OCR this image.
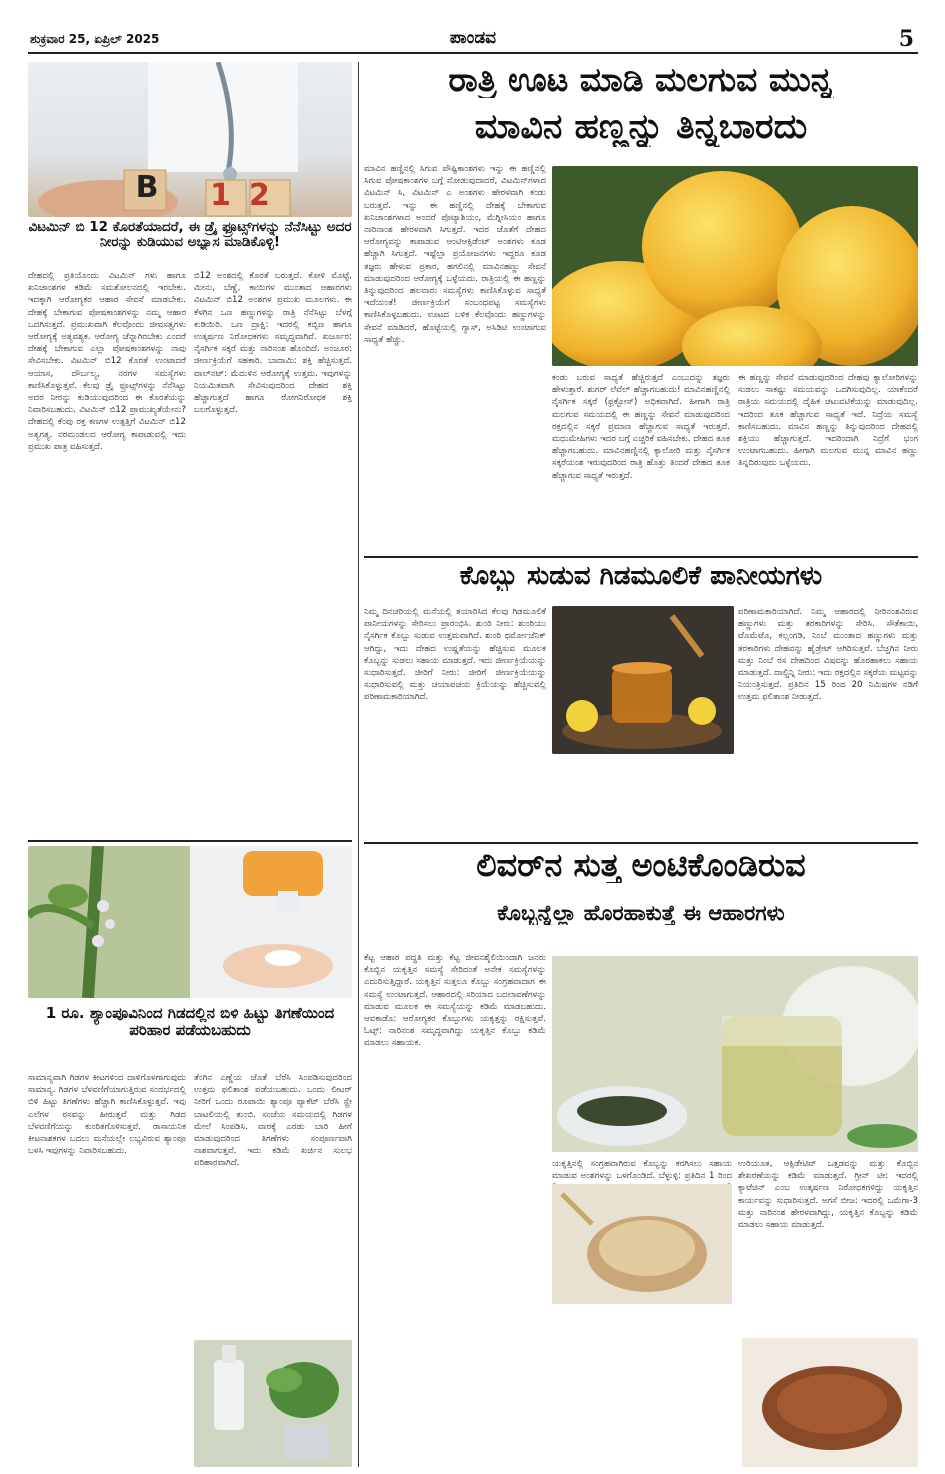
ಶುಕ್ರವಾರ 25, ಏಪ್ರಿಲ್ 2025	ಪಾಂಡವ	5
B 12
ವಿಟಮಿನ್ ಬಿ 12 ಕೊರತೆಯಾದರೆ, ಈ ಡ್ರೈ ಫ್ರೂಟ್ಸ್‌ಗಳನ್ನು ನೆನೆಸಿಟ್ಟು ಅದರ ನೀರನ್ನು ಕುಡಿಯುವ ಅಭ್ಯಾಸ ಮಾಡಿಕೊಳ್ಳಿ!
ದೇಹದಲ್ಲಿ ಪ್ರತಿಯೊಂದು ವಿಟಮಿನ್ ಗಳು ಹಾಗೂ ಖನಿಜಾಂಶಗಳ ಕಡಿಮೆ ಸಮತೋಲನದಲ್ಲಿ ಇರಬೇಕು. ಇದಕ್ಕಾಗಿ ಆರೋಗ್ಯಕರ ಆಹಾರ ಸೇವನೆ ಮಾಡಬೇಕು. ದೇಹಕ್ಕೆ ಬೇಕಾಗುವ ಪೋಷಕಾಂಶಗಳನ್ನು ನಮ್ಮ ಆಹಾರ ಒದಗಿಸುತ್ತದೆ. ಪ್ರಮುಖವಾಗಿ ಕೆಲವೊಂದು ಜೀವಸತ್ವಗಳು ಆರೋಗ್ಯಕ್ಕೆ ಅತ್ಯವಶ್ಯಕ. ಆರೋಗ್ಯ ಚೆನ್ನಾಗಿರಬೇಕು ಎಂದರೆ ದೇಹಕ್ಕೆ ಬೇಕಾಗುವ ಎಲ್ಲಾ ಪೋಷಕಾಂಶಗಳನ್ನು ನಾವು ಸೇವಿಸಬೇಕು. ವಿಟಮಿನ್ ಬಿ12 ಕೊರತೆ ಉಂಟಾದರೆ ಆಯಾಸ, ದೌರ್ಬಲ್ಯ, ನರಗಳ ಸಮಸ್ಯೆಗಳು ಕಾಣಿಸಿಕೊಳ್ಳುತ್ತವೆ. ಕೆಲವು ಡ್ರೈ ಫ್ರೂಟ್ಸ್‌ಗಳನ್ನು ನೆನೆಸಿಟ್ಟು ಅದರ ನೀರನ್ನು ಕುಡಿಯುವುದರಿಂದ ಈ ಕೊರತೆಯನ್ನು ನಿವಾರಿಸಬಹುದು. ವಿಟಮಿನ್ ಬಿ12 ಪ್ರಾಮುಖ್ಯತೆಯೇನು? ದೇಹದಲ್ಲಿ ಕೆಂಪು ರಕ್ತ ಕಣಗಳ ಉತ್ಪತ್ತಿಗೆ ವಿಟಮಿನ್ ಬಿ12 ಅತ್ಯಗತ್ಯ. ನರಮಂಡಲದ ಆರೋಗ್ಯ ಕಾಪಾಡುವಲ್ಲಿ ಇದು ಪ್ರಮುಖ ಪಾತ್ರ ವಹಿಸುತ್ತದೆ.
ಬಿ12 ಅಂಶದಲ್ಲಿ ಕೊರತೆ ಬರುತ್ತದೆ. ಕೋಳಿ ಮೊಟ್ಟೆ, ಮೀನು, ಬೆಣ್ಣೆ, ಕಾಯಿಗಳ ಮುಂತಾದ ಆಹಾರಗಳು ವಿಟಮಿನ್ ಬಿ12 ಅಂಶಗಳ ಪ್ರಮುಖ ಮೂಲಗಳು. ಈ ಕೆಳಗಿನ ಒಣ ಹಣ್ಣುಗಳನ್ನು ರಾತ್ರಿ ನೆನೆಸಿಟ್ಟು ಬೆಳಗ್ಗೆ ಕುಡಿಯಿರಿ. ಒಣ ದ್ರಾಕ್ಷಿ: ಇದರಲ್ಲಿ ಕಬ್ಬಿಣ ಹಾಗೂ ಉತ್ಕರ್ಷಣ ನಿರೋಧಕಗಳು ಸಮೃದ್ಧವಾಗಿವೆ. ಖರ್ಜೂರ: ನೈಸರ್ಗಿಕ ಸಕ್ಕರೆ ಮತ್ತು ನಾರಿನಂಶ ಹೊಂದಿದೆ. ಅಂಜೂರ: ಜೀರ್ಣಕ್ರಿಯೆಗೆ ಸಹಕಾರಿ. ಬಾದಾಮಿ: ಶಕ್ತಿ ಹೆಚ್ಚಿಸುತ್ತದೆ. ವಾಲ್‌ನಟ್: ಮೆದುಳಿನ ಆರೋಗ್ಯಕ್ಕೆ ಉತ್ತಮ. ಇವುಗಳನ್ನು ನಿಯಮಿತವಾಗಿ ಸೇವಿಸುವುದರಿಂದ ದೇಹದ ಶಕ್ತಿ ಹೆಚ್ಚಾಗುತ್ತದೆ ಹಾಗೂ ರೋಗನಿರೋಧಕ ಶಕ್ತಿ ಬಲಗೊಳ್ಳುತ್ತದೆ.
1 ರೂ. ಶ್ಯಾಂಪೂವಿನಿಂದ ಗಿಡದಲ್ಲಿನ ಬಿಳಿ ಹಿಟ್ಟು ತಿಗಣೆಯಿಂದ ಪರಿಹಾರ ಪಡೆಯಬಹುದು
ಸಾಮಾನ್ಯವಾಗಿ ಗಿಡಗಳ ಕೀಟಗಳಿಂದ ದಾಳಿಗೊಳಗಾಗುವುದು ಸಾಮಾನ್ಯ. ಗಿಡಗಳ ಬೆಳವಣಿಗೆಯಾಗುತ್ತಿರುವ ಸಂದರ್ಭದಲ್ಲಿ ಬಿಳಿ ಹಿಟ್ಟು ತಿಗಣೆಗಳು ಹೆಚ್ಚಾಗಿ ಕಾಣಿಸಿಕೊಳ್ಳುತ್ತವೆ. ಇವು ಎಲೆಗಳ ರಸವನ್ನು ಹೀರುತ್ತವೆ ಮತ್ತು ಗಿಡದ ಬೆಳವಣಿಗೆಯನ್ನು ಕುಂಠಿತಗೊಳಿಸುತ್ತವೆ. ರಾಸಾಯನಿಕ ಕೀಟನಾಶಕಗಳ ಬದಲು ಮನೆಯಲ್ಲೇ ಲಭ್ಯವಿರುವ ಶ್ಯಾಂಪೂ ಬಳಸಿ ಇವುಗಳನ್ನು ನಿವಾರಿಸಬಹುದು.
ತೆಂಗಿನ ಎಣ್ಣೆಯ ಜೊತೆ ಬೆರೆಸಿ ಸಿಂಪಡಿಸುವುದರಿಂದ ಉತ್ತಮ ಫಲಿತಾಂಶ ಪಡೆಯಬಹುದು. ಒಂದು ಲೀಟರ್ ನೀರಿಗೆ ಒಂದು ರೂಪಾಯಿ ಶ್ಯಾಂಪೂ ಪ್ಯಾಕೆಟ್ ಬೆರೆಸಿ ಸ್ಪ್ರೇ ಬಾಟಲಿಯಲ್ಲಿ ತುಂಬಿ. ಸಂಜೆಯ ಸಮಯದಲ್ಲಿ ಗಿಡಗಳ ಮೇಲೆ ಸಿಂಪಡಿಸಿ. ವಾರಕ್ಕೆ ಎರಡು ಬಾರಿ ಹೀಗೆ ಮಾಡುವುದರಿಂದ ತಿಗಣೆಗಳು ಸಂಪೂರ್ಣವಾಗಿ ನಾಶವಾಗುತ್ತವೆ. ಇದು ಕಡಿಮೆ ಖರ್ಚಿನ ಸುಲಭ ಪರಿಹಾರವಾಗಿದೆ.
ರಾತ್ರಿ ಊಟ ಮಾಡಿ ಮಲಗುವ ಮುನ್ನ
ಮಾವಿನ ಹಣ್ಣನ್ನು ತಿನ್ನಬಾರದು
ಮಾವಿನ ಹಣ್ಣಿನಲ್ಲಿ ಸಿಗುವ ಪೌಷ್ಟಿಕಾಂಶಗಳು ಇನ್ನು ಈ ಹಣ್ಣಿನಲ್ಲಿ ಸಿಗುವ ಪೋಷಕಾಂಶಗಳ ಬಗ್ಗೆ ನೋಡುವುದಾದರೆ, ವಿಟಮಿನ್‌ಗಳಾದ ವಿಟಮಿನ್ ಸಿ, ವಿಟಮಿನ್ ಎ ಅಂಶಗಳು ಹೇರಳವಾಗಿ ಕಂಡು ಬರುತ್ತವೆ. ಇನ್ನು ಈ ಹಣ್ಣಿನಲ್ಲಿ ದೇಹಕ್ಕೆ ಬೇಕಾಗುವ ಖನಿಜಾಂಶಗಳಾದ ಅಂದರೆ ಪೊಟ್ಯಾಶಿಯಂ, ಮೆಗ್ನೀಸಿಯಂ ಹಾಗೂ ನಾರಿನಾಂಶ ಹೇರಳವಾಗಿ ಸಿಗುತ್ತದೆ. ಇದರ ಜೊತೆಗೆ ದೇಹದ ಆರೋಗ್ಯವನ್ನು ಕಾಪಾಡುವ ಆಂಟಿಆಕ್ಸಿಡೆಂಟ್ ಅಂಶಗಳು ಕೂಡ ಹೆಚ್ಚಾಗಿ ಸಿಗುತ್ತದೆ. ಇಷ್ಟೆಲ್ಲಾ ಪ್ರಯೋಜನಗಳು ಇದ್ದರೂ ಕೂಡ ತಜ್ಞರು ಹೇಳುವ ಪ್ರಕಾರ, ಹಗಲಿನಲ್ಲಿ ಮಾವಿನಹಣ್ಣು ಸೇವನೆ ಮಾಡುವುದರಿಂದ ಆರೋಗ್ಯಕ್ಕೆ ಒಳ್ಳೆಯದು. ರಾತ್ರಿಯಲ್ಲಿ ಈ ಹಣ್ಣನ್ನು ತಿನ್ನುವುದರಿಂದ ಹಲವಾರು ಸಮಸ್ಯೆಗಳು ಕಾಣಿಸಿಕೊಳ್ಳುವ ಸಾಧ್ಯತೆ ಇದೆಯಂತೆ! ಜೀರ್ಣಕ್ರಿಯೆಗೆ ಸಂಬಂಧಪಟ್ಟ ಸಮಸ್ಯೆಗಳು ಕಾಣಿಸಿಕೊಳ್ಳಬಹುದು. ಊಟದ ಬಳಿಕ ಕೆಲವೊಂದು ಹಣ್ಣುಗಳನ್ನು ಸೇವನೆ ಮಾಡಿದರೆ, ಹೊಟ್ಟೆಯಲ್ಲಿ ಗ್ಯಾಸ್, ಅಸಿಡಿಟಿ ಉಂಟಾಗುವ ಸಾಧ್ಯತೆ ಹೆಚ್ಚು.
ಕಂಡು ಬರುವ ಸಾಧ್ಯತೆ ಹೆಚ್ಚಿರುತ್ತದೆ ಎಂಬುದನ್ನು ತಜ್ಞರು ಹೇಳುತ್ತಾರೆ. ಶುಗರ್ ಲೆವೆಲ್ ಹೆಚ್ಚಾಗಬಹುದು! ಮಾವಿನಹಣ್ಣಿನಲ್ಲಿ ನೈಸರ್ಗಿಕ ಸಕ್ಕರೆ (ಫ್ರಕ್ಟೋಸ್) ಅಧಿಕವಾಗಿದೆ. ಹೀಗಾಗಿ ರಾತ್ರಿ ಮಲಗುವ ಸಮಯದಲ್ಲಿ ಈ ಹಣ್ಣನ್ನು ಸೇವನೆ ಮಾಡುವುದರಿಂದ ರಕ್ತದಲ್ಲಿನ ಸಕ್ಕರೆ ಪ್ರಮಾಣ ಹೆಚ್ಚಾಗುವ ಸಾಧ್ಯತೆ ಇರುತ್ತದೆ. ಮಧುಮೇಹಿಗಳು ಇದರ ಬಗ್ಗೆ ಎಚ್ಚರಿಕೆ ವಹಿಸಬೇಕು. ದೇಹದ ತೂಕ ಹೆಚ್ಚಾಗಬಹುದು. ಮಾವಿನಹಣ್ಣಿನಲ್ಲಿ ಕ್ಯಾಲೋರಿ ಮತ್ತು ನೈಸರ್ಗಿಕ ಸಕ್ಕರೆಯಂಶ ಇರುವುದರಿಂದ ರಾತ್ರಿ ಹೊತ್ತು ತಿಂದರೆ ದೇಹದ ತೂಕ ಹೆಚ್ಚಾಗುವ ಸಾಧ್ಯತೆ ಇರುತ್ತದೆ.
ಈ ಹಣ್ಣನ್ನು ಸೇವನೆ ಮಾಡುವುದರಿಂದ ದೇಹವು ಕ್ಯಾಲೋರಿಗಳನ್ನು ಸುಡಲು ಸಾಕಷ್ಟು ಸಮಯವನ್ನು ಒದಗಿಸುವುದಿಲ್ಲ. ಯಾಕೆಂದರೆ ರಾತ್ರಿಯ ಸಮಯದಲ್ಲಿ ದೈಹಿಕ ಚಟುವಟಿಕೆಯನ್ನು ಮಾಡುವುದಿಲ್ಲ. ಇದರಿಂದ ತೂಕ ಹೆಚ್ಚಾಗುವ ಸಾಧ್ಯತೆ ಇದೆ. ನಿದ್ರೆಯ ಸಮಸ್ಯೆ ಕಾಣಿಸಬಹುದು. ಮಾವಿನ ಹಣ್ಣನ್ನು ತಿನ್ನುವುದರಿಂದ ದೇಹದಲ್ಲಿ ಶಕ್ತಿಯು ಹೆಚ್ಚಾಗುತ್ತದೆ. ಇದರಿಂದಾಗಿ ನಿದ್ರೆಗೆ ಭಂಗ ಉಂಟಾಗಬಹುದು. ಹೀಗಾಗಿ ಮಲಗುವ ಮುನ್ನ ಮಾವಿನ ಹಣ್ಣು ತಿನ್ನದಿರುವುದು ಒಳ್ಳೆಯದು.
ಕೊಬ್ಬು ಸುಡುವ ಗಿಡಮೂಲಿಕೆ ಪಾನೀಯಗಳು
ನಿಮ್ಮ ದಿನಚರಿಯಲ್ಲಿ ಮನೆಯಲ್ಲಿ ತಯಾರಿಸಿದ ಕೆಲವು ಗಿಡಮೂಲಿಕೆ ಪಾನೀಯಗಳನ್ನು ಸೇರಿಸಲು ಪ್ರಾರಂಭಿಸಿ. ಶುಂಠಿ ನೀರು: ಶುಂಠಿಯು ನೈಸರ್ಗಿಕ ಕೊಬ್ಬು ಸುಡುವ ಉತ್ತಮವಾಗಿದೆ. ಶುಂಠಿ ಥರ್ಮೋಜೆನಿಕ್ ಆಗಿದ್ದು, ಇದು ದೇಹದ ಉಷ್ಣತೆಯನ್ನು ಹೆಚ್ಚಿಸುವ ಮೂಲಕ ಕೊಬ್ಬನ್ನು ಸುಡಲು ಸಹಾಯ ಮಾಡುತ್ತದೆ. ಇದು ಜೀರ್ಣಕ್ರಿಯೆಯನ್ನು ಸುಧಾರಿಸುತ್ತದೆ. ಜೀರಿಗೆ ನೀರು: ಜೀರಿಗೆ ಜೀರ್ಣಕ್ರಿಯೆಯನ್ನು ಸುಧಾರಿಸುವಲ್ಲಿ ಮತ್ತು ಚಯಾಪಚಯ ಕ್ರಿಯೆಯನ್ನು ಹೆಚ್ಚಿಸುವಲ್ಲಿ ಪರಿಣಾಮಕಾರಿಯಾಗಿದೆ.
ಪರಿಣಾಮಕಾರಿಯಾಗಿದೆ. ನಿಮ್ಮ ಆಹಾರದಲ್ಲಿ ನೀರಿನಂಶವಿರುವ ಹಣ್ಣುಗಳು ಮತ್ತು ತರಕಾರಿಗಳನ್ನು ಸೇರಿಸಿ. ಸೌತೆಕಾಯಿ, ಟೊಮೆಟೊ, ಕಲ್ಲಂಗಡಿ, ನಿಂಬೆ ಮುಂತಾದ ಹಣ್ಣುಗಳು ಮತ್ತು ತರಕಾರಿಗಳು ದೇಹವನ್ನು ಹೈಡ್ರೇಟ್ ಆಗಿರಿಸುತ್ತವೆ. ಬೆಚ್ಚಗಿನ ನೀರು ಮತ್ತು ನಿಂಬೆ ರಸ ದೇಹದಿಂದ ವಿಷವನ್ನು ಹೊರಹಾಕಲು ಸಹಾಯ ಮಾಡುತ್ತದೆ. ದಾಲ್ಚಿನ್ನಿ ನೀರು: ಇದು ರಕ್ತದಲ್ಲಿನ ಸಕ್ಕರೆಯ ಮಟ್ಟವನ್ನು ನಿಯಂತ್ರಿಸುತ್ತದೆ. ಪ್ರತಿದಿನ 15 ರಿಂದ 20 ನಿಮಿಷಗಳ ನಡಿಗೆ ಉತ್ತಮ ಫಲಿತಾಂಶ ನೀಡುತ್ತದೆ.
ಲಿವರ್‌ನ ಸುತ್ತ ಅಂಟಿಕೊಂಡಿರುವ
ಕೊಬ್ಬನ್ನೆಲ್ಲಾ ಹೊರಹಾಕುತ್ತೆ ಈ ಆಹಾರಗಳು
ಕೆಟ್ಟ ಆಹಾರ ಪದ್ಧತಿ ಮತ್ತು ಕೆಟ್ಟ ಜೀವನಶೈಲಿಯಿಂದಾಗಿ ಜನರು ಕೊಬ್ಬಿನ ಯಕೃತ್ತಿನ ಸಮಸ್ಯೆ ಸೇರಿದಂತೆ ಅನೇಕ ಸಮಸ್ಯೆಗಳನ್ನು ಎದುರಿಸುತ್ತಿದ್ದಾರೆ. ಯಕೃತ್ತಿನ ಸುತ್ತಲೂ ಕೊಬ್ಬು ಸಂಗ್ರಹವಾದಾಗ ಈ ಸಮಸ್ಯೆ ಉಂಟಾಗುತ್ತದೆ. ಆಹಾರದಲ್ಲಿ ಸರಿಯಾದ ಬದಲಾವಣೆಗಳನ್ನು ಮಾಡುವ ಮೂಲಕ ಈ ಸಮಸ್ಯೆಯನ್ನು ಕಡಿಮೆ ಮಾಡಬಹುದು. ಆವಕಾಡೊ: ಆರೋಗ್ಯಕರ ಕೊಬ್ಬುಗಳು ಯಕೃತ್ತನ್ನು ರಕ್ಷಿಸುತ್ತವೆ. ಓಟ್ಸ್: ನಾರಿನಂಶ ಸಮೃದ್ಧವಾಗಿದ್ದು ಯಕೃತ್ತಿನ ಕೊಬ್ಬು ಕಡಿಮೆ ಮಾಡಲು ಸಹಾಯಕ.
ಯಕೃತ್ತಿನಲ್ಲಿ ಸಂಗ್ರಹವಾಗಿರುವ ಕೊಬ್ಬನ್ನು ಕರಗಿಸಲು ಸಹಾಯ ಮಾಡುವ ಅಂಶಗಳನ್ನು ಒಳಗೊಂಡಿದೆ. ಬೆಳ್ಳುಳ್ಳಿ: ಪ್ರತಿದಿನ 1 ರಿಂದ
ಉರಿಯೂತ, ಆಕ್ಸಿಡೇಟಿವ್ ಒತ್ತಡವನ್ನು ಮತ್ತು ಕೊಬ್ಬಿನ ಶೇಖರಣೆಯನ್ನು ಕಡಿಮೆ ಮಾಡುತ್ತದೆ. ಗ್ರೀನ್ ಟೀ: ಇದರಲ್ಲಿ ಕ್ಯಾಟೆಚಿನ್ ಎಂಬ ಉತ್ಕರ್ಷಣ ನಿರೋಧಕಗಳಿದ್ದು ಯಕೃತ್ತಿನ ಕಾರ್ಯವನ್ನು ಸುಧಾರಿಸುತ್ತದೆ. ಅಗಸೆ ಬೀಜ: ಇದರಲ್ಲಿ ಒಮೆಗಾ-3 ಮತ್ತು ನಾರಿನಂಶ ಹೇರಳವಾಗಿದ್ದು, ಯಕೃತ್ತಿನ ಕೊಬ್ಬನ್ನು ಕಡಿಮೆ ಮಾಡಲು ಸಹಾಯ ಮಾಡುತ್ತದೆ.
